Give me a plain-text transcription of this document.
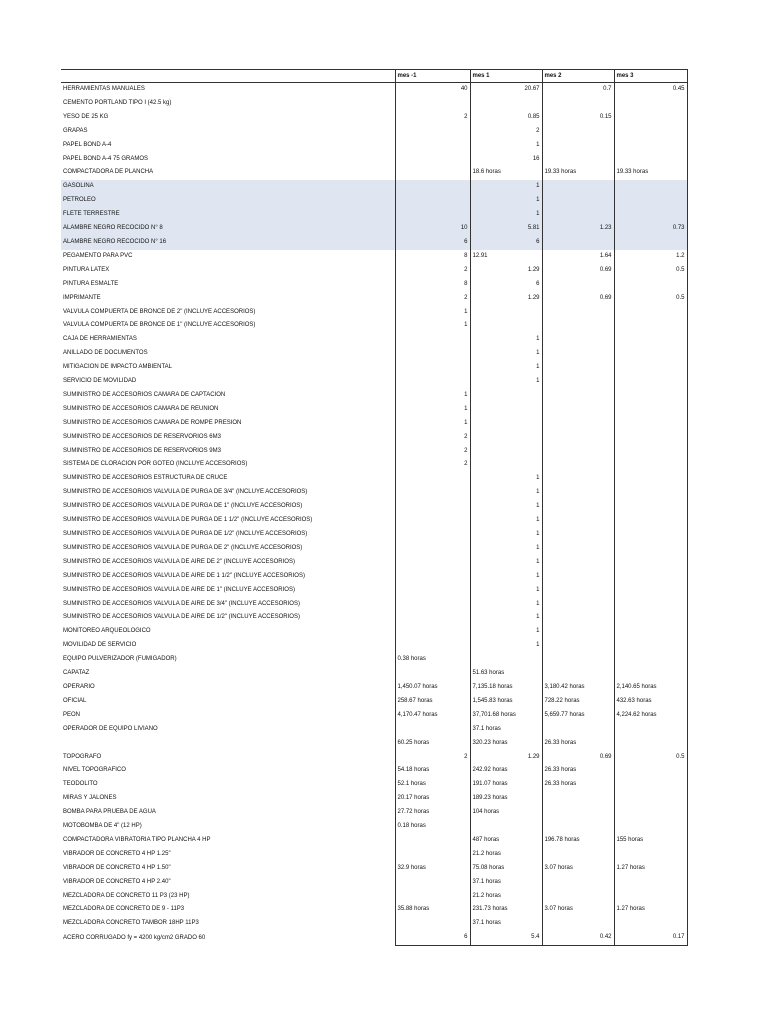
	mes -1	mes 1	mes 2	mes 3
HERRAMIENTAS MANUALES	40	20.67	0.7	0.45
CEMENTO PORTLAND TIPO I (42.5 kg)				
YESO DE 25 KG	2	0.85	0.15	
GRAPAS		2		
PAPEL BOND A-4		1		
PAPEL BOND A-4 75 GRAMOS		16		
COMPACTADORA DE PLANCHA		18.6 horas	19.33 horas	19.33 horas
GASOLINA		1		
PETROLEO		1		
FLETE TERRESTRE		1		
ALAMBRE NEGRO RECOCIDO N° 8	10	5.81	1.23	0.73
ALAMBRE NEGRO RECOCIDO N° 16	6	6		
PEGAMENTO PARA PVC	8	12.91	1.64	1.2
PINTURA LATEX	2	1.29	0.69	0.5
PINTURA ESMALTE	8	6		
IMPRIMANTE	2	1.29	0.69	0.5
VALVULA COMPUERTA DE BRONCE DE 2" (INCLUYE ACCESORIOS)	1			
VALVULA COMPUERTA DE BRONCE DE 1" (INCLUYE ACCESORIOS)	1			
CAJA DE HERRAMIENTAS		1		
ANILLADO DE DOCUMENTOS		1		
MITIGACION DE IMPACTO AMBIENTAL		1		
SERVICIO DE MOVILIDAD		1		
SUMINISTRO DE ACCESORIOS CAMARA DE CAPTACION	1			
SUMINISTRO DE ACCESORIOS CAMARA DE REUNION	1			
SUMINISTRO DE ACCESORIOS CAMARA DE ROMPE PRESION	1			
SUMINISTRO DE ACCESORIOS DE RESERVORIOS 6M3	2			
SUMINISTRO DE ACCESORIOS DE RESERVORIOS 9M3	2			
SISTEMA DE CLORACION POR GOTEO (INCLUYE ACCESORIOS)	2			
SUMINISTRO DE ACCESORIOS ESTRUCTURA DE CRUCE		1		
SUMINISTRO DE ACCESORIOS VALVULA DE PURGA DE 3/4" (INCLUYE ACCESORIOS)		1		
SUMINISTRO DE ACCESORIOS VALVULA DE PURGA DE 1" (INCLUYE ACCESORIOS)		1		
SUMINISTRO DE ACCESORIOS VALVULA DE PURGA DE 1 1/2" (INCLUYE ACCESORIOS)		1		
SUMINISTRO DE ACCESORIOS VALVULA DE PURGA DE 1/2" (INCLUYE ACCESORIOS)		1		
SUMINISTRO DE ACCESORIOS VALVULA DE PURGA DE 2" (INCLUYE ACCESORIOS)		1		
SUMINISTRO DE ACCESORIOS VALVULA DE AIRE DE 2" (INCLUYE ACCESORIOS)		1		
SUMINISTRO DE ACCESORIOS VALVULA DE AIRE DE 1 1/2" (INCLUYE ACCESORIOS)		1		
SUMINISTRO DE ACCESORIOS VALVULA DE AIRE DE 1" (INCLUYE ACCESORIOS)		1		
SUMINISTRO DE ACCESORIOS VALVULA DE AIRE DE 3/4" (INCLUYE ACCESORIOS)		1		
SUMINISTRO DE ACCESORIOS VALVULA DE AIRE DE 1/2" (INCLUYE ACCESORIOS)		1		
MONITOREO ARQUEOLOGICO		1		
MOVILIDAD DE SERVICIO		1		
EQUIPO PULVERIZADOR (FUMIGADOR)	0.38 horas			
CAPATAZ		51.63 horas		
OPERARIO	1,450.07 horas	7,135.18 horas	3,180.42 horas	2,140.65 horas
OFICIAL	258.67 horas	1,545.83 horas	728.22 horas	432.63 horas
PEON	4,170.47 horas	37,701.68 horas	5,659.77 horas	4,224.62 horas
OPERADOR DE EQUIPO LIVIANO		37.1 horas		
	60.25 horas	320.23 horas	26.33 horas	
TOPOGRAFO	2	1.29	0.69	0.5
NIVEL TOPOGRAFICO	54.18 horas	242.92 horas	26.33 horas	
TEODOLITO	52.1 horas	191.07 horas	26.33 horas	
MIRAS Y JALONES	20.17 horas	189.23 horas		
BOMBA PARA PRUEBA DE AGUA	27.72 horas	104 horas		
MOTOBOMBA DE 4" (12 HP)	0.18 horas			
COMPACTADORA VIBRATORIA TIPO PLANCHA 4 HP		487 horas	196.78 horas	155 horas
VIBRADOR DE CONCRETO 4 HP 1.25"		21.2 horas		
VIBRADOR DE CONCRETO 4 HP 1.50"	32.9 horas	75.08 horas	3.07 horas	1.27 horas
VIBRADOR DE CONCRETO 4 HP 2.40"		37.1 horas		
MEZCLADORA DE CONCRETO 11 P3 (23 HP)		21.2 horas		
MEZCLADORA DE CONCRETO DE 9 - 11P3	35.88 horas	231.73 horas	3.07 horas	1.27 horas
MEZCLADORA CONCRETO TAMBOR 18HP 11P3		37.1 horas		
ACERO CORRUGADO fy = 4200 kg/cm2 GRADO 60	6	5.4	0.42	0.17
